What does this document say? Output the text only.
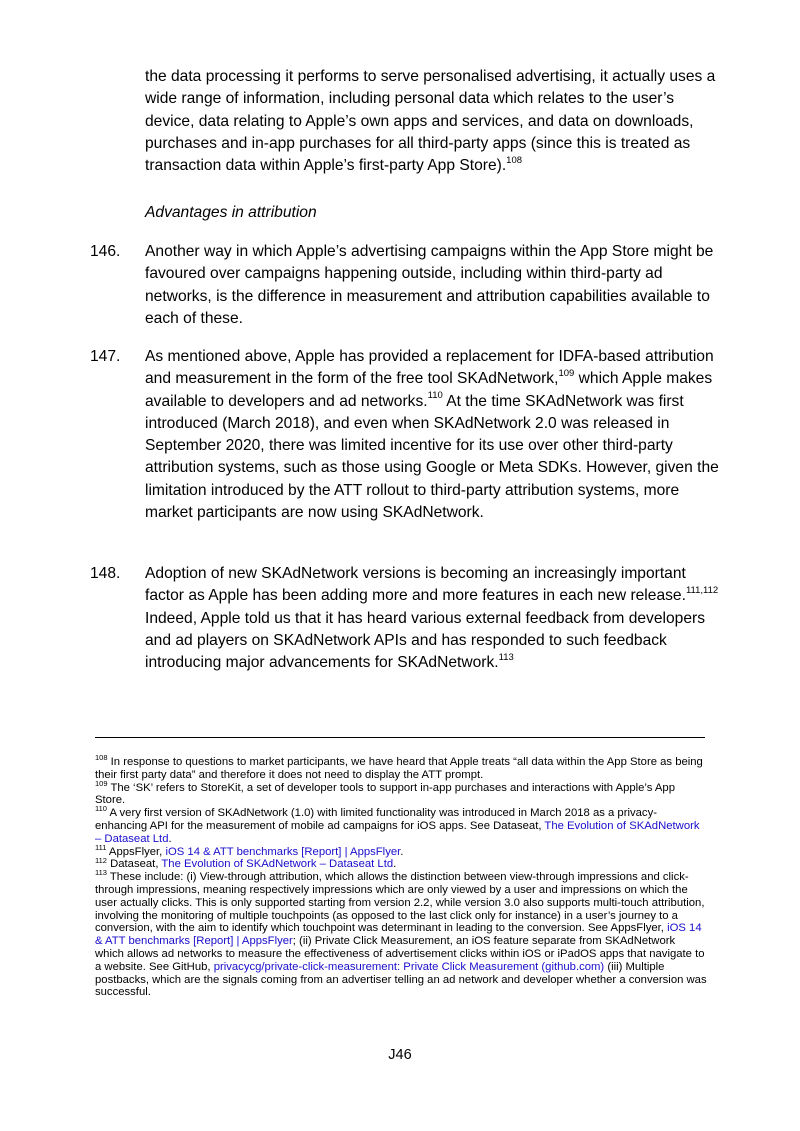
the data processing it performs to serve personalised advertising, it actually uses a wide range of information, including personal data which relates to the user’s device, data relating to Apple’s own apps and services, and data on downloads, purchases and in-app purchases for all third-party apps (since this is treated as transaction data within Apple’s first-party App Store).$^{108}$

Advantages in attribution
146.	Another way in which Apple’s advertising campaigns within the App Store might be favoured over campaigns happening outside, including within third-party ad networks, is the difference in measurement and attribution capabilities available to each of these.
147.	As mentioned above, Apple has provided a replacement for IDFA-based attribution and measurement in the form of the free tool SKAdNetwork,$^{109}$ which Apple makes available to developers and ad networks.$^{110}$ At the time SKAdNetwork was first introduced (March 2018), and even when SKAdNetwork 2.0 was released in September 2020, there was limited incentive for its use over other third-party attribution systems, such as those using Google or Meta SDKs. However, given the limitation introduced by the ATT rollout to third-party attribution systems, more market participants are now using SKAdNetwork.
148.	Adoption of new SKAdNetwork versions is becoming an increasingly important factor as Apple has been adding more and more features in each new release.$^{111,112}$ Indeed, Apple told us that it has heard various external feedback from developers and ad players on SKAdNetwork APIs and has responded to such feedback introducing major advancements for SKAdNetwork.$^{113}$

$^{108}$ In response to questions to market participants, we have heard that Apple treats “all data within the App Store as being their first party data” and therefore it does not need to display the ATT prompt.

$^{109}$ The ‘SK’ refers to StoreKit, a set of developer tools to support in-app purchases and interactions with Apple’s App Store.

$^{110}$ A very first version of SKAdNetwork (1.0) with limited functionality was introduced in March 2018 as a privacy-enhancing API for the measurement of mobile ad campaigns for iOS apps. See Dataseat, The Evolution of SKAdNetwork – Dataseat Ltd.

$^{111}$ AppsFlyer, iOS 14 & ATT benchmarks [Report] | AppsFlyer.

$^{112}$ Dataseat, The Evolution of SKAdNetwork – Dataseat Ltd.

$^{113}$ These include: (i) View-through attribution, which allows the distinction between view-through impressions and click-through impressions, meaning respectively impressions which are only viewed by a user and impressions on which the user actually clicks. This is only supported starting from version 2.2, while version 3.0 also supports multi-touch attribution, involving the monitoring of multiple touchpoints (as opposed to the last click only for instance) in a user’s journey to a conversion, with the aim to identify which touchpoint was determinant in leading to the conversion. See AppsFlyer, iOS 14 & ATT benchmarks [Report] | AppsFlyer; (ii) Private Click Measurement, an iOS feature separate from SKAdNetwork which allows ad networks to measure the effectiveness of advertisement clicks within iOS or iPadOS apps that navigate to a website. See GitHub, privacycg/private-click-measurement: Private Click Measurement (github.com) (iii) Multiple postbacks, which are the signals coming from an advertiser telling an ad network and developer whether a conversion was successful.

J46
